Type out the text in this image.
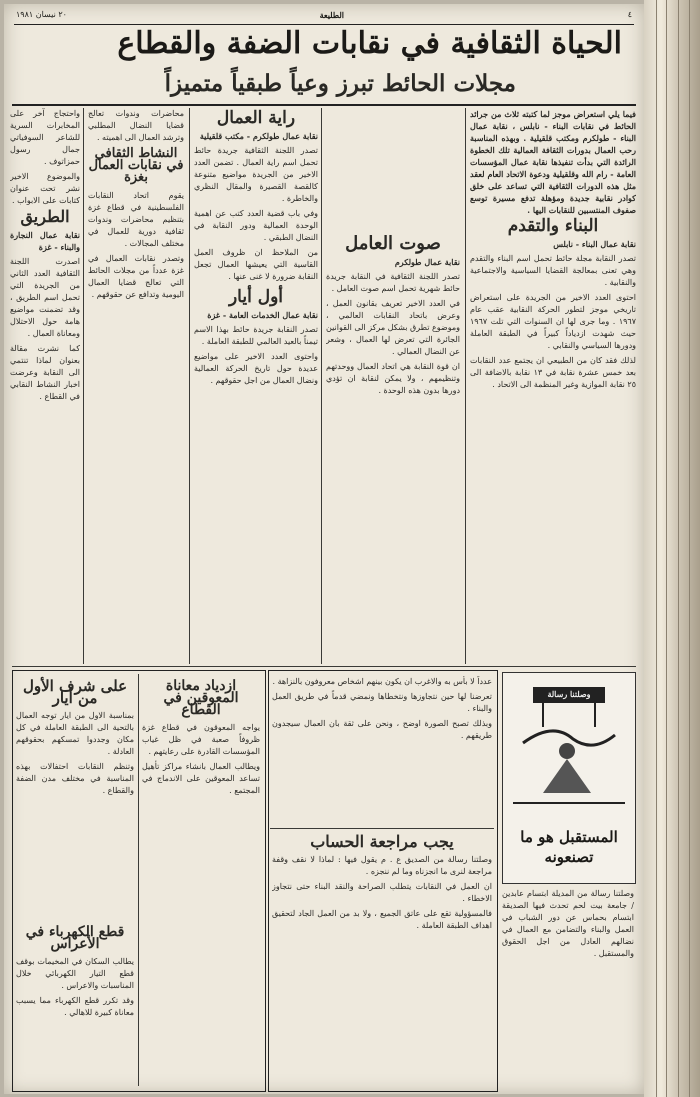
٤
الطليعة
٢٠ نيسان ١٩٨١
الحياة الثقافية في نقابات الضفة والقطاع
مجلات الحائط تبرز وعياً طبقياً متميزاً

فيما يلي استعراض موجز لما كتبته ثلاث من جرائد الحائط في نقابات البناء - نابلس ، نقابة عمال البناء - طولكرم ومكتب قلقيلية . وبهذه المناسبة رحب العمال بدورات الثقافة العمالية تلك الخطوة الرائدة التي بدأت تنفيذها نقابة عمال المؤسسات العامة - رام الله وقلقيلية ودعوة الاتحاد العام لعقد مثل هذه الدورات الثقافية التي تساعد على خلق كوادر نقابية جديدة ومؤهلة تدفع مسيرة توسع صفوف المنتسبين للنقابات اليها .

البناء والتقدم

نقابة عمال البناء - نابلس

تصدر النقابة مجلة حائط تحمل اسم البناء والتقدم وهي تعنى بمعالجة القضايا السياسية والاجتماعية والنقابية .

احتوى العدد الاخير من الجريدة على استعراض تاريخي موجز لتطور الحركة النقابية عقب عام ١٩٦٧ . وما جرى لها ان السنوات التي تلت ١٩٦٧ حيث شهدت ازدياداً كبيراً في الطبقة العاملة ودورها السياسي والنقابي .

لذلك فقد كان من الطبيعي ان يجتمع عدد النقابات بعد خمس عشرة نقابة في ١٣ نقابة بالاضافة الى ٢٥ نقابة الموازية وغير المنظمة الى الاتحاد .

صوت العامل

نقابة عمال طولكرم

تصدر اللجنة الثقافية في النقابة جريدة حائط شهرية تحمل اسم صوت العامل .

في العدد الاخير تعريف بقانون العمل ، وعرض باتحاد النقابات العالمي ، وموضوع تطرق بشكل مركز الى القوانين الجائرة التي تعرض لها العمال ، وشعر عن النضال العمالي .

ان قوة النقابة هي اتحاد العمال ووحدتهم وتنظيمهم ، ولا يمكن لنقابة ان تؤدي دورها بدون هذه الوحدة .

راية العمال

نقابة عمال طولكرم - مكتب قلقيلية

تصدر اللجنة الثقافية جريدة حائط تحمل اسم راية العمال . تضمن العدد الاخير من الجريدة مواضيع متنوعة كالقصة القصيرة والمقال النظري والخاطرة .

وفي باب قضية العدد كتب عن اهمية الوحدة العمالية ودور النقابة في النضال الطبقي .

من الملاحظ ان ظروف العمل القاسية التي يعيشها العمال تجعل النقابة ضرورة لا غنى عنها .

أول أيار

نقابة عمال الخدمات العامة - غزة

تصدر النقابة جريدة حائط بهذا الاسم تيمناً بالعيد العالمي للطبقة العاملة .

واحتوى العدد الاخير على مواضيع عديدة حول تاريخ الحركة العمالية ونضال العمال من اجل حقوقهم .

محاضرات وندوات تعالج قضايا النضال المطلبي وترشد العمال الى اهميته .

النشاط الثقافي في نقابات العمال بغزة

يقوم اتحاد النقابات الفلسطينية في قطاع غزة بتنظيم محاضرات وندوات ثقافية دورية للعمال في مختلف المجالات .

وتصدر نقابات العمال في غزة عدداً من مجلات الحائط التي تعالج قضايا العمال اليومية وتدافع عن حقوقهم .

واحتجاج آخر على المخابرات السرية للشاعر السوفياتي جمال رسول حمزاتوف .

والموضوع الاخير نشر تحت عنوان كتابات على الابواب .

الطريق

نقابة عمال النجارة والبناء - غزة

اصدرت اللجنة الثقافية العدد الثاني من الجريدة التي تحمل اسم الطريق ، وقد تضمنت مواضيع هامة حول الاحتلال ومعاناة العمال .

كما نشرت مقالة بعنوان لماذا تنتمي الى النقابة وعرضت اخبار النشاط النقابي في القطاع .

على شرف الأول من أيار

بمناسبة الاول من ايار توجه العمال بالتحية الى الطبقة العاملة في كل مكان وجددوا تمسكهم بحقوقهم العادلة .

وتنظم النقابات احتفالات بهذه المناسبة في مختلف مدن الضفة والقطاع .

ازدياد معاناة المعوقين في القطاع

يواجه المعوقون في قطاع غزة ظروفاً صعبة في ظل غياب المؤسسات القادرة على رعايتهم .

ويطالب العمال بانشاء مراكز تأهيل تساعد المعوقين على الاندماج في المجتمع .

قطع الكهرباء في الأعراس

يطالب السكان في المخيمات بوقف قطع التيار الكهربائي خلال المناسبات والاعراس .

وقد تكرر قطع الكهرباء مما يسبب معاناة كبيرة للاهالي .

عدداً لا بأس به والاغرب ان يكون بينهم اشخاص معروفون بالنزاهة .

تعرضنا لها حين نتجاوزها ونتخطاها ونمضي قدماً في طريق العمل والبناء .

وبذلك تصبح الصورة اوضح ، ونحن على ثقة بان العمال سيجدون طريقهم .

يجب مراجعة الحساب

وصلتنا رسالة من الصديق ع . م يقول فيها : لماذا لا نقف وقفة مراجعة لنرى ما انجزناه وما لم ننجزه .

ان العمل في النقابات يتطلب الصراحة والنقد البناء حتى نتجاوز الاخطاء .

فالمسؤولية تقع على عاتق الجميع ، ولا بد من العمل الجاد لتحقيق اهداف الطبقة العاملة .

وصلتنا رسالة
المستقبل هو ما تصنعونه

وصلتنا رسالة من المديلة ابتسام عابدين / جامعة بيت لحم تحدث فيها الصديقة ابتسام بحماس عن دور الشباب في العمل والبناء والتضامن مع العمال في نضالهم العادل من اجل الحقوق والمستقبل .
